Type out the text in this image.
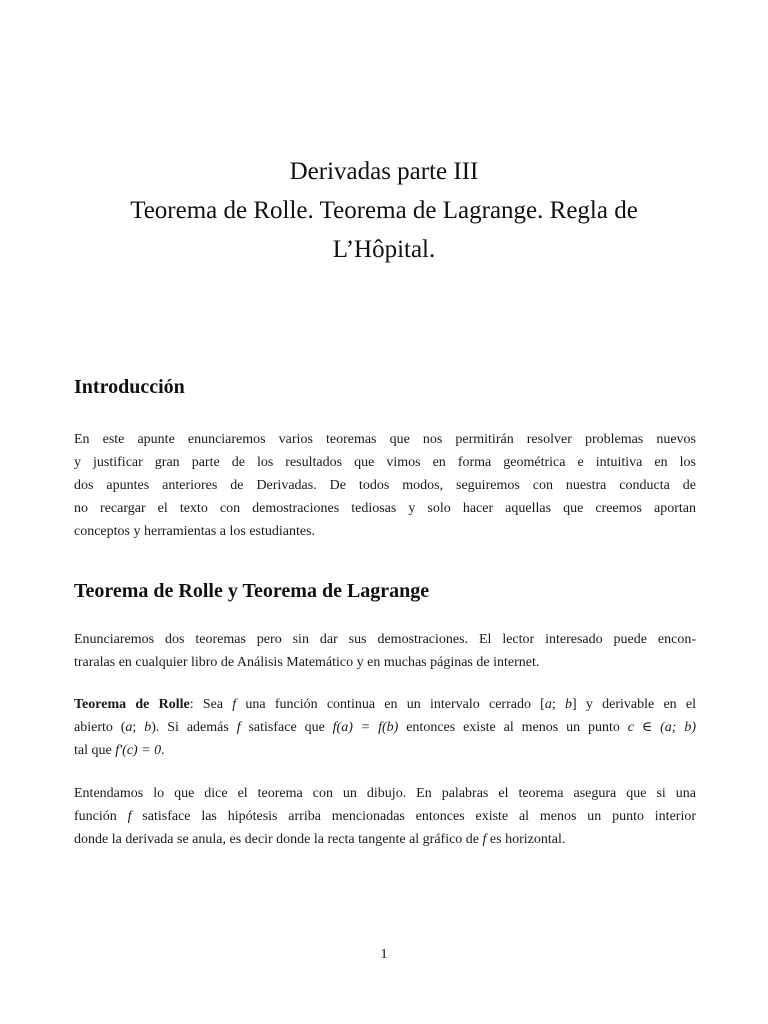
Derivadas parte III
Teorema de Rolle. Teorema de Lagrange. Regla de
L’Hôpital.
Introducción
En este apunte enunciaremos varios teoremas que nos permitirán resolver problemas nuevos
y justificar gran parte de los resultados que vimos en forma geométrica e intuitiva en los
dos apuntes anteriores de Derivadas. De todos modos, seguiremos con nuestra conducta de
no recargar el texto con demostraciones tediosas y solo hacer aquellas que creemos aportan
conceptos y herramientas a los estudiantes.
Teorema de Rolle y Teorema de Lagrange
Enunciaremos dos teoremas pero sin dar sus demostraciones. El lector interesado puede encon-
traralas en cualquier libro de Análisis Matemático y en muchas páginas de internet.
Teorema de Rolle: Sea f una función continua en un intervalo cerrado [a; b] y derivable en el
abierto (a; b). Si además f satisface que f(a) = f(b) entonces existe al menos un punto c ∈ (a; b)
tal que f′(c) = 0.
Entendamos lo que dice el teorema con un dibujo. En palabras el teorema asegura que si una
función f satisface las hipótesis arriba mencionadas entonces existe al menos un punto interior
donde la derivada se anula, es decir donde la recta tangente al gráfico de f es horizontal.
1
